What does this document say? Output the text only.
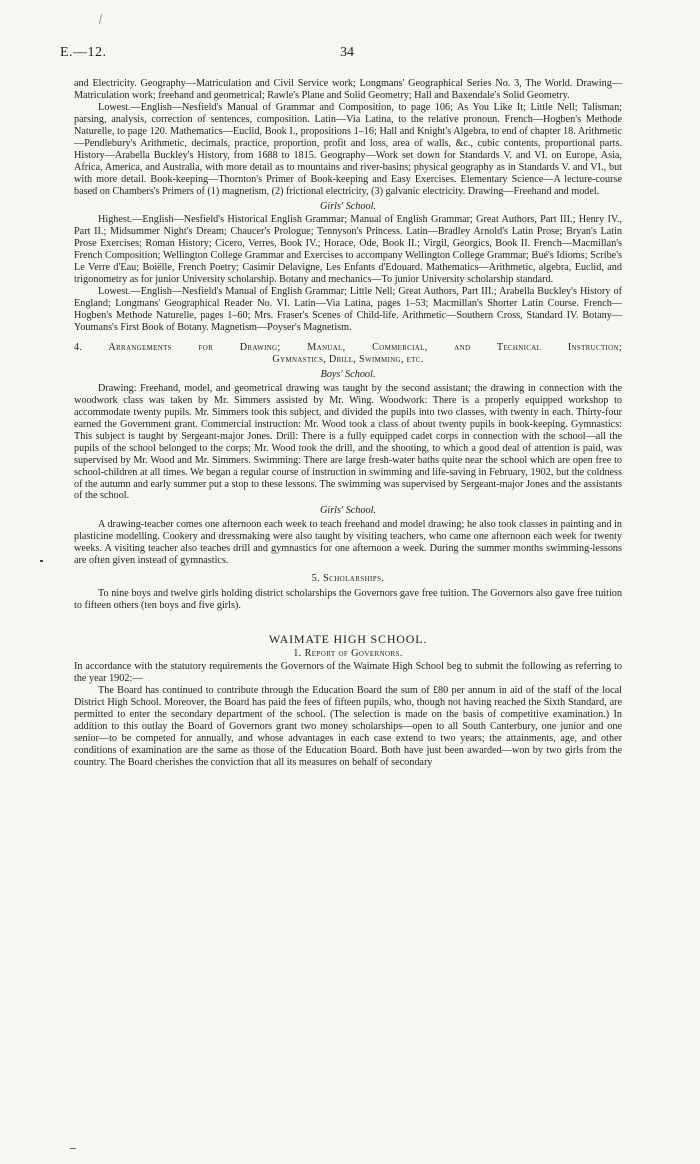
E.—12.	34

and Electricity. Geography—Matriculation and Civil Service work; Longmans' Geographical Series No. 3, The World. Drawing—Matriculation work; freehand and geometrical; Rawle's Plane and Solid Geometry; Hall and Baxendale's Solid Geometry.

Lowest.—English—Nesfield's Manual of Grammar and Composition, to page 106; As You Like It; Little Nell; Talisman; parsing, analysis, correction of sentences, composition. Latin—Via Latina, to the relative pronoun. French—Hogben's Methode Naturelle, to page 120. Mathematics—Euclid, Book I., propositions 1–16; Hall and Knight's Algebra, to end of chapter 18. Arithmetic—Pendlebury's Arithmetic, decimals, practice, proportion, profit and loss, area of walls, &c., cubic contents, proportional parts. History—Arabella Buckley's History, from 1688 to 1815. Geography—Work set down for Standards V. and VI. on Europe, Asia, Africa, America, and Australia, with more detail as to mountains and river-basins; physical geography as in Standards V. and VI., but with more detail. Book-keeping—Thornton's Primer of Book-keeping and Easy Exercises. Elementary Science—A lecture-course based on Chambers's Primers of (1) magnetism, (2) frictional electricity, (3) galvanic electricity. Drawing—Freehand and model.

Girls' School.

Highest.—English—Nesfield's Historical English Grammar; Manual of English Grammar; Great Authors, Part III.; Henry IV., Part II.; Midsummer Night's Dream; Chaucer's Prologue; Tennyson's Princess. Latin—Bradley Arnold's Latin Prose; Bryan's Latin Prose Exercises; Roman History; Cicero, Verres, Book IV.; Horace, Ode, Book II.; Virgil, Georgics, Book II. French—Macmillan's French Composition; Wellington College Grammar and Exercises to accompany Wellington College Grammar; Bué's Idioms; Scribe's Le Verre d'Eau; Boiëlle, French Poetry; Casimir Delavigne, Les Enfants d'Edouard. Mathematics—Arithmetic, algebra, Euclid, and trigonometry as for junior University scholarship. Botany and mechanics—To junior University scholarship standard.

Lowest.—English—Nesfield's Manual of English Grammar; Little Nell; Great Authors, Part III.; Arabella Buckley's History of England; Longmans' Geographical Reader No. VI. Latin—Via Latina, pages 1–53; Macmillan's Shorter Latin Course. French—Hogben's Methode Naturelle, pages 1–60; Mrs. Fraser's Scenes of Child-life. Arithmetic—Southern Cross, Standard IV. Botany—Youmans's First Book of Botany. Magnetism—Poyser's Magnetism.

4. Arrangements for Drawing; Manual, Commercial, and Technical Instruction;

Gymnastics, Drill, Swimming, etc.

Boys' School.

Drawing: Freehand, model, and geometrical drawing was taught by the second assistant; the drawing in connection with the woodwork class was taken by Mr. Simmers assisted by Mr. Wing. Woodwork: There is a properly equipped workshop to accommodate twenty pupils. Mr. Simmers took this subject, and divided the pupils into two classes, with twenty in each. Thirty-four earned the Government grant. Commercial instruction: Mr. Wood took a class of about twenty pupils in book-keeping. Gymnastics: This subject is taught by Sergeant-major Jones. Drill: There is a fully equipped cadet corps in connection with the school—all the pupils of the school belonged to the corps; Mr. Wood took the drill, and the shooting, to which a good deal of attention is paid, was supervised by Mr. Wood and Mr. Simmers. Swimming: There are large fresh-water baths quite near the school which are open free to school-children at all times. We began a regular course of instruction in swimming and life-saving in February, 1902, but the coldness of the autumn and early summer put a stop to these lessons. The swimming was supervised by Sergeant-major Jones and the assistants of the school.

Girls' School.

A drawing-teacher comes one afternoon each week to teach freehand and model drawing; he also took classes in painting and in plasticine modelling. Cookery and dressmaking were also taught by visiting teachers, who came one afternoon each week for twenty weeks. A visiting teacher also teaches drill and gymnastics for one afternoon a week. During the summer months swimming-lessons are often given instead of gymnastics.

5. Scholarships.

To nine boys and twelve girls holding district scholarships the Governors gave free tuition. The Governors also gave free tuition to fifteen others (ten boys and five girls).

WAIMATE HIGH SCHOOL.

1. Report of Governors.

In accordance with the statutory requirements the Governors of the Waimate High School beg to submit the following as referring to the year 1902:—

The Board has continued to contribute through the Education Board the sum of £80 per annum in aid of the staff of the local District High School. Moreover, the Board has paid the fees of fifteen pupils, who, though not having reached the Sixth Standard, are permitted to enter the secondary department of the school. (The selection is made on the basis of competitive examination.) In addition to this outlay the Board of Governors grant two money scholarships—open to all South Canterbury, one junior and one senior—to be competed for annually, and whose advantages in each case extend to two years; the attainments, age, and other conditions of examination are the same as those of the Education Board. Both have just been awarded—won by two girls from the country. The Board cherishes the conviction that all its measures on behalf of secondary
